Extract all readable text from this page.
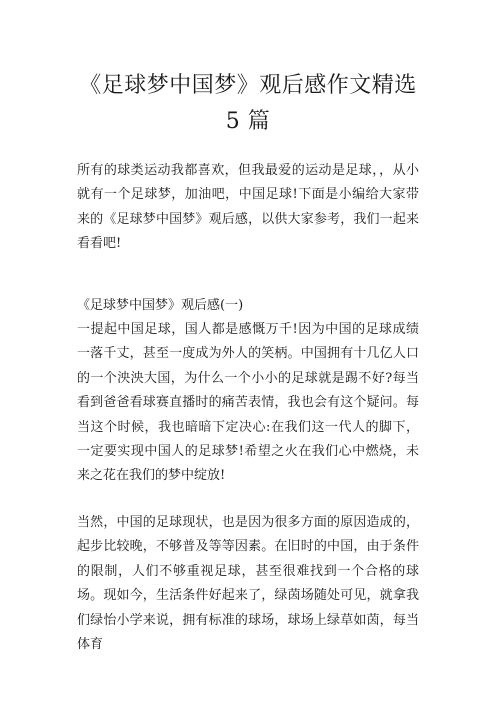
《足球梦中国梦》观后感作文精选 5 篇

所有的球类运动我都喜欢，但我最爱的运动是足球，，从小就有一个足球梦，加油吧，中国足球!下面是小编给大家带来的《足球梦中国梦》观后感，以供大家参考，我们一起来看看吧!

《足球梦中国梦》观后感(一)

一提起中国足球，国人都是感慨万千!因为中国的足球成绩一落千丈，甚至一度成为外人的笑柄。中国拥有十几亿人口的一个泱泱大国，为什么一个小小的足球就是踢不好?每当看到爸爸看球赛直播时的痛苦表情，我也会有这个疑问。每当这个时候，我也暗暗下定决心:在我们这一代人的脚下，一定要实现中国人的足球梦!希望之火在我们心中燃烧，未来之花在我们的梦中绽放!

当然，中国的足球现状，也是因为很多方面的原因造成的，起步比较晚，不够普及等等因素。在旧时的中国，由于条件的限制，人们不够重视足球，甚至很难找到一个合格的球场。现如今，生活条件好起来了，绿茵场随处可见，就拿我们绿怡小学来说，拥有标准的球场，球场上绿草如茵，每当体育
